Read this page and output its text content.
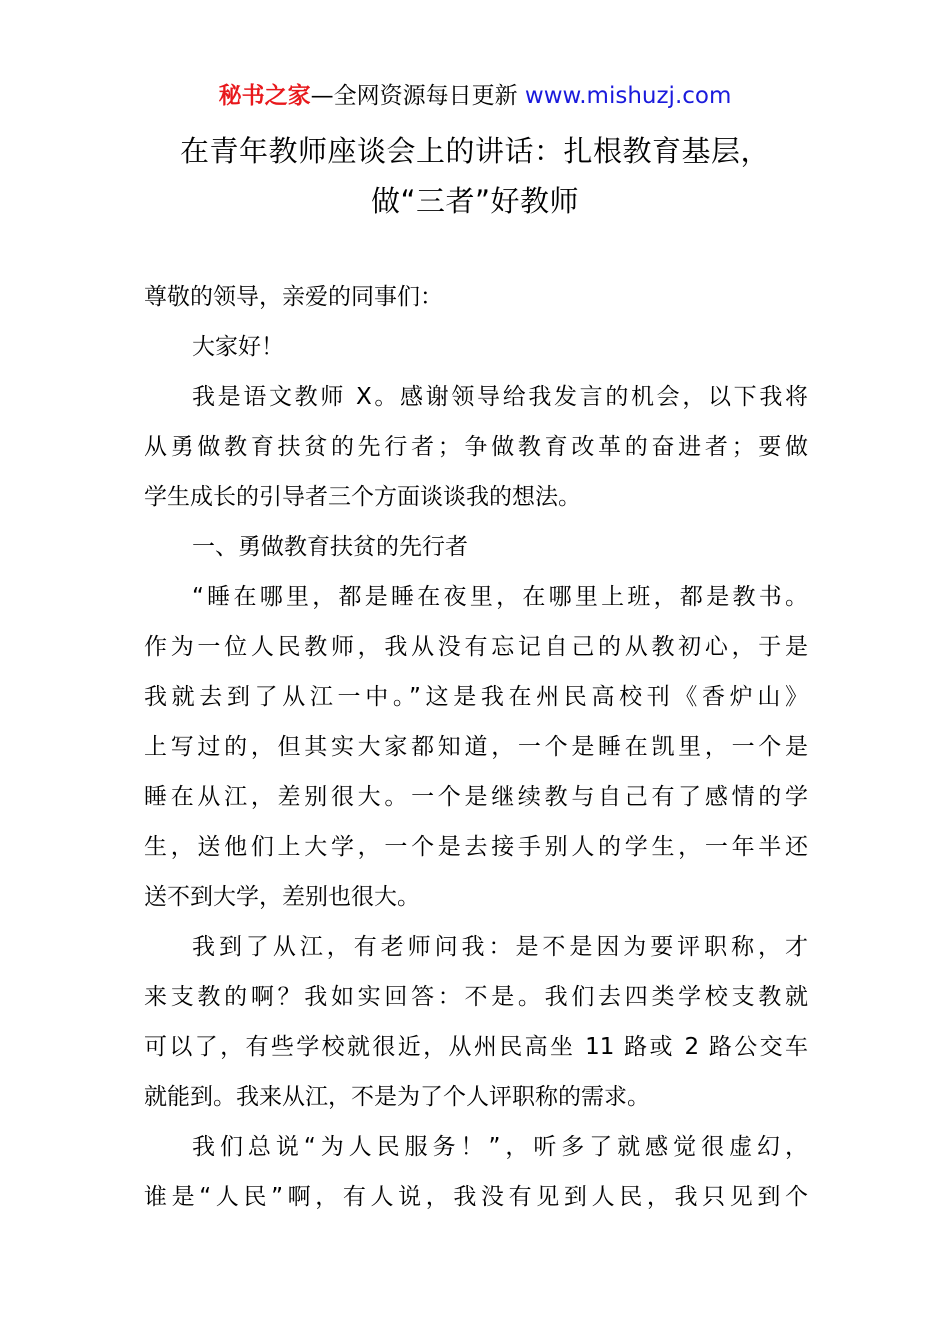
秘书之家—全网资源每日更新 www.mishuzj.com
在青年教师座谈会上的讲话：扎根教育基层，
做“三者”好教师
尊敬的领导，亲爱的同事们：
大家好！
我是语文教师 X。感谢领导给我发言的机会，以下我将
从勇做教育扶贫的先行者；争做教育改革的奋进者；要做
学生成长的引导者三个方面谈谈我的想法。
一、勇做教育扶贫的先行者
“睡在哪里，都是睡在夜里，在哪里上班，都是教书。
作为一位人民教师，我从没有忘记自己的从教初心，于是
我就去到了从江一中。”这是我在州民高校刊《香炉山》
上写过的，但其实大家都知道，一个是睡在凯里，一个是
睡在从江，差别很大。一个是继续教与自己有了感情的学
生，送他们上大学，一个是去接手别人的学生，一年半还
送不到大学，差别也很大。
我到了从江，有老师问我：是不是因为要评职称，才
来支教的啊？我如实回答：不是。我们去四类学校支教就
可以了，有些学校就很近，从州民高坐 11 路或 2 路公交车
就能到。我来从江，不是为了个人评职称的需求。
我们总说“为人民服务！”，听多了就感觉很虚幻，
谁是“人民”啊，有人说，我没有见到人民，我只见到个
